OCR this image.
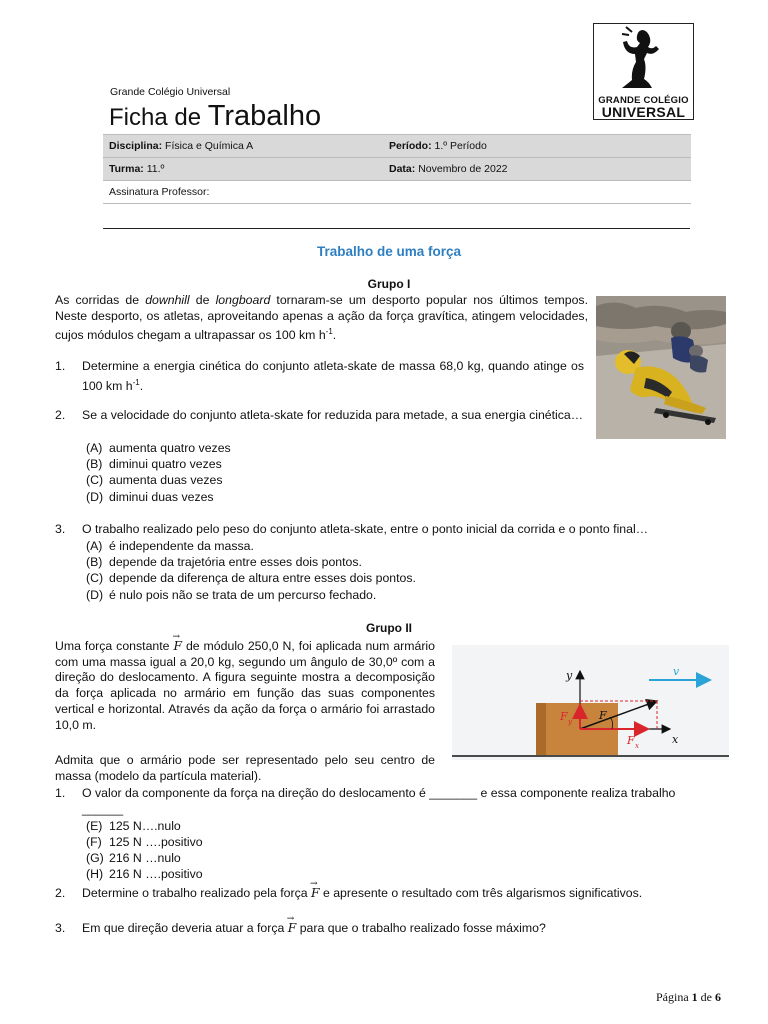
Grande Colégio Universal
Ficha de Trabalho	GRANDE COLÉGIO
UNIVERSAL
Disciplina: Física e Química A	Período: 1.º Período
Turma: 11.º	Data: Novembro de 2022
Assinatura Professor:	
Trabalho de uma força
Grupo I
As corridas de downhill de longboard tornaram-se um desporto popular nos últimos tempos. Neste desporto, os atletas, aproveitando apenas a ação da força gravítica, atingem velocidades, cujos módulos chegam a ultrapassar os 100 km $h^{-1}$.
1. Determine a energia cinética do conjunto atleta-skate de massa 68,0 kg, quando atinge os 100 km $h^{-1}$.
2. Se a velocidade do conjunto atleta-skate for reduzida para metade, a sua energia cinética…
(A) aumenta quatro vezes
(B) diminui quatro vezes
(C) aumenta duas vezes
(D) diminui duas vezes
3. O trabalho realizado pelo peso do conjunto atleta-skate, entre o ponto inicial da corrida e o ponto final…
(A) é independente da massa.
(B) depende da trajetória entre esses dois pontos.
(C) depende da diferença de altura entre esses dois pontos.
(D) é nulo pois não se trata de um percurso fechado.
Grupo II
Uma força constante → F de módulo 250,0 N, foi aplicada num armário com uma massa igual a 20,0 kg, segundo um ângulo de 30,0º com a direção do deslocamento. A figura seguinte mostra a decomposição da força aplicada no armário em função das suas componentes vertical e horizontal. Através da ação da força o armário foi arrastado 10,0 m.
y
x
v
F
F y
F x
Admita que o armário pode ser representado pelo seu centro de massa (modelo da partícula material).
1. O valor da componente da força na direção do deslocamento é _______ e essa componente realiza trabalho
______
(E) 125 N….nulo
(F) 125 N ….positivo
(G) 216 N …nulo
(H) 216 N ….positivo
2. Determine o trabalho realizado pela força → F e apresente o resultado com três algarismos significativos.
3. Em que direção deveria atuar a força → F para que o trabalho realizado fosse máximo?
Página 1 de 6
